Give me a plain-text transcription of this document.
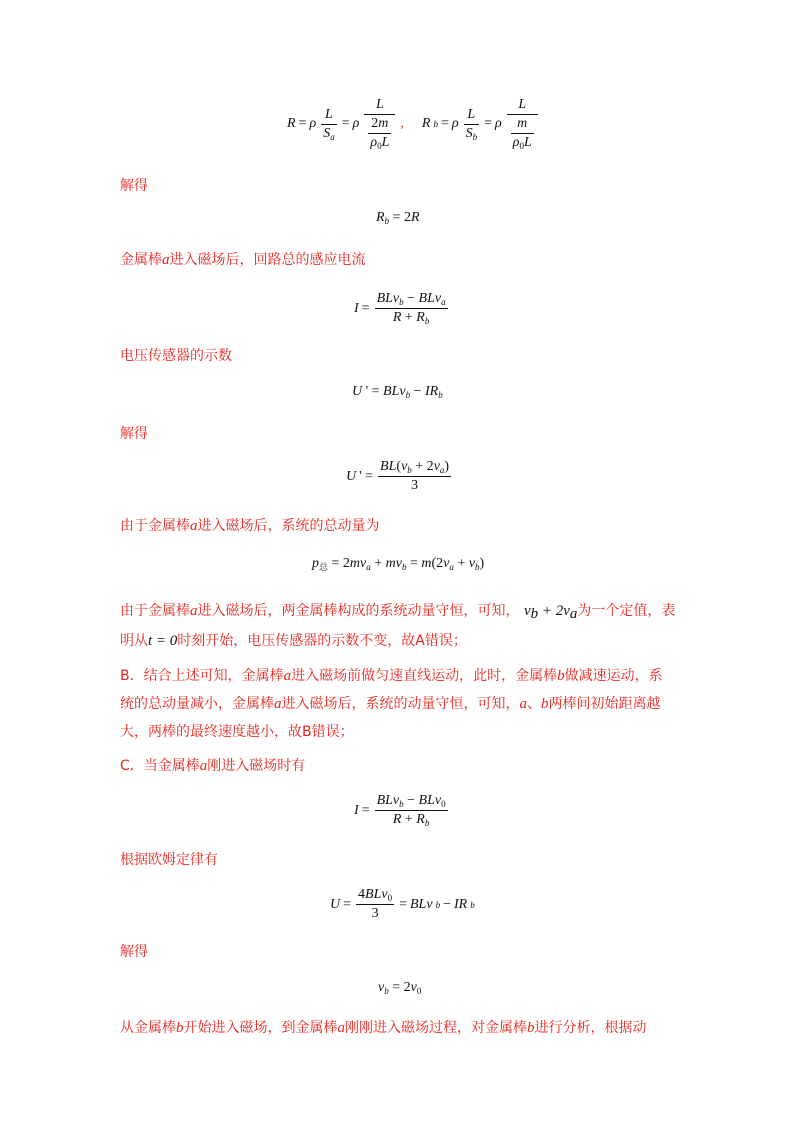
R = ρ $\frac{L}{S_a} = \rho \frac{L}{\frac{2m}{\rho_0L}}$ , R b = ρ $\frac{L}{S_b} = \rho \frac{L}{\frac{m}{\rho_0L}}$
解得
$R_b = 2R$
金属棒a进入磁场后，回路总的感应电流
$I = \frac{BLv_b - BLv_a}{R + R_b}$
电压传感器的示数
U ' = $BLv_b - IR_b$
解得
U ' = $\frac{BL(v_b + 2v_a)}{3}$
由于金属棒a进入磁场后，系统的总动量为
$p_总 = 2mv_a + mv_b = m(2v_a + v_b)$
由于金属棒a进入磁场后，两金属棒构成的系统动量守恒，可知， $v_b + 2v_a$为一个定值，表
明从t = 0时刻开始，电压传感器的示数不变，故A错误；
B．结合上述可知，金属棒a进入磁场前做匀速直线运动，此时，金属棒b做减速运动，系
统的总动量减小，金属棒a进入磁场后，系统的动量守恒，可知，a、b两棒间初始距离越
大，两棒的最终速度越小，故B错误；
C．当金属棒a刚进入磁场时有
$I = \frac{BLv_b - BLv_0}{R + R_b}$
根据欧姆定律有
$U = \frac{4BLv_0}{3}$ = BLv b − IR b
解得
$v_b = 2v_0$
从金属棒b开始进入磁场，到金属棒a刚刚进入磁场过程，对金属棒b进行分析，根据动
